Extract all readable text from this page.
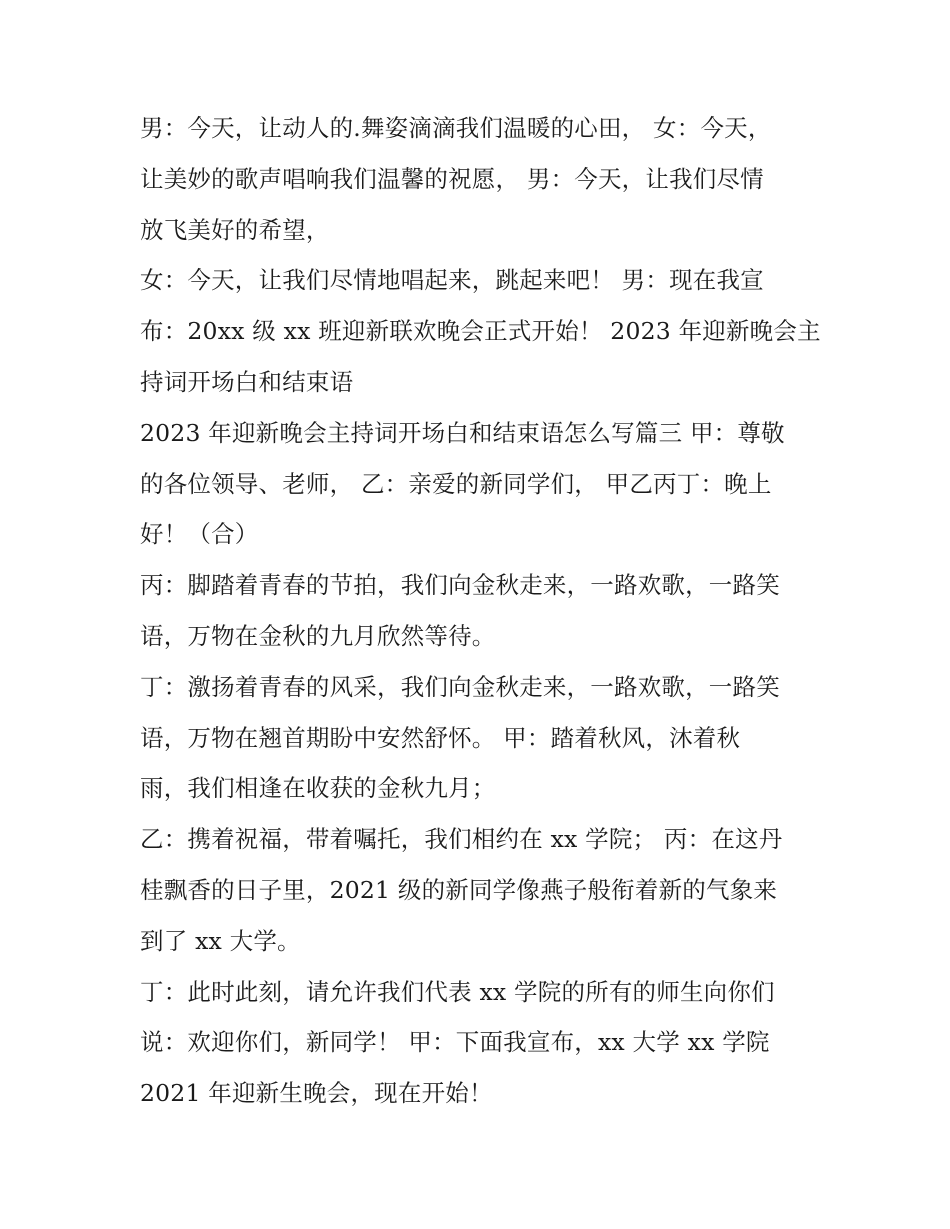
男：今天，让动人的.舞姿滴滴我们温暖的心田， 女：今天，
让美妙的歌声唱响我们温馨的祝愿， 男：今天，让我们尽情
放飞美好的希望，
女：今天，让我们尽情地唱起来，跳起来吧！ 男：现在我宣
布：20xx 级 xx 班迎新联欢晚会正式开始！ 2023 年迎新晚会主
持词开场白和结束语
2023 年迎新晚会主持词开场白和结束语怎么写篇三 甲：尊敬
的各位领导、老师， 乙：亲爱的新同学们， 甲乙丙丁：晚上
好！（合）
丙：脚踏着青春的节拍，我们向金秋走来，一路欢歌，一路笑
语，万物在金秋的九月欣然等待。
丁：激扬着青春的风采，我们向金秋走来，一路欢歌，一路笑
语，万物在翘首期盼中安然舒怀。 甲：踏着秋风，沐着秋
雨，我们相逢在收获的金秋九月；
乙：携着祝福，带着嘱托，我们相约在 xx 学院； 丙：在这丹
桂飘香的日子里，2021 级的新同学像燕子般衔着新的气象来
到了 xx 大学。
丁：此时此刻，请允许我们代表 xx 学院的所有的师生向你们
说：欢迎你们，新同学！ 甲：下面我宣布，xx 大学 xx 学院
2021 年迎新生晚会，现在开始！
